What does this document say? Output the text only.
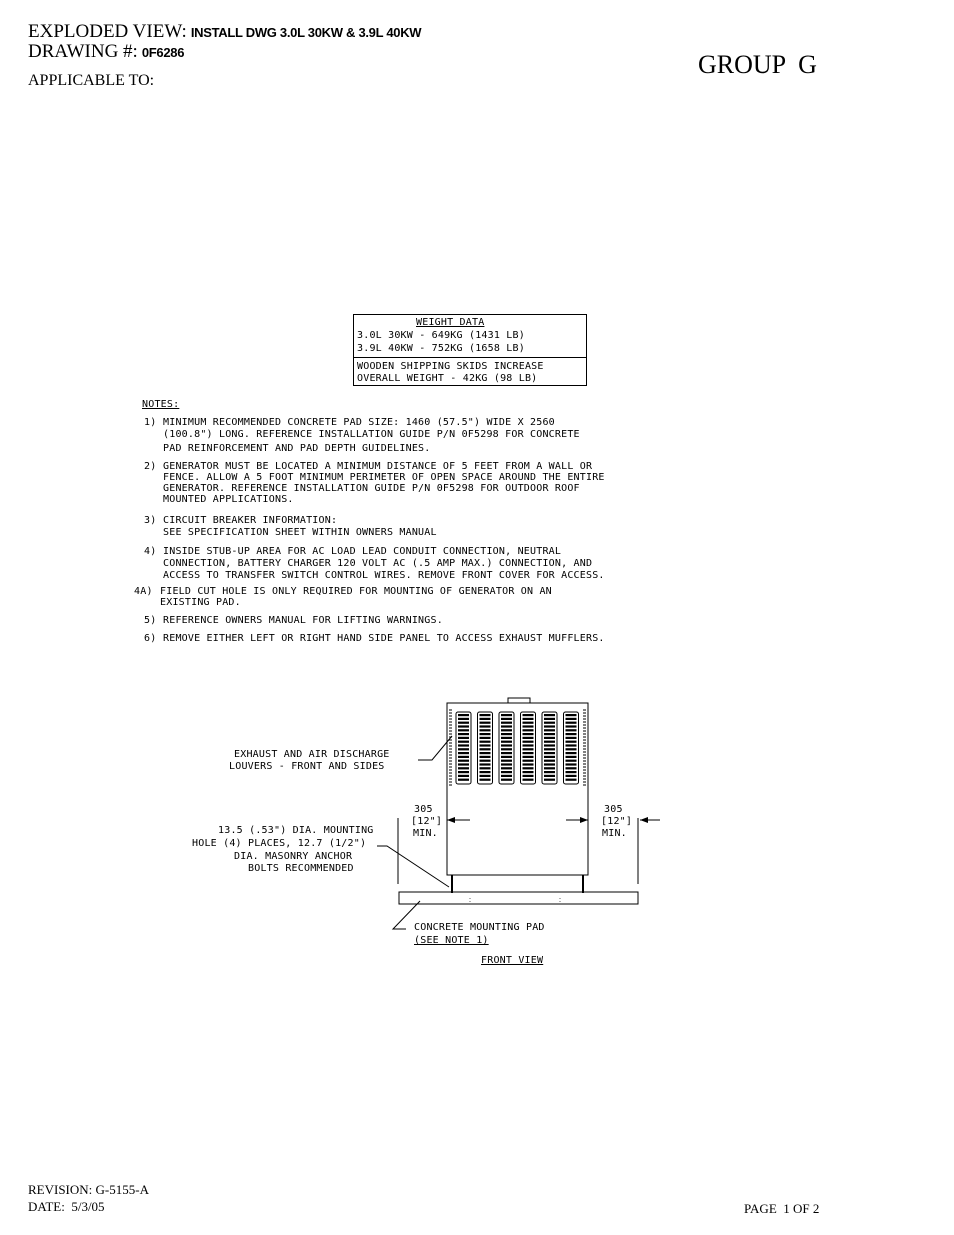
EXPLODED VIEW: INSTALL DWG 3.0L 30KW & 3.9L 40KW
DRAWING #: 0F6286
APPLICABLE TO:
GROUP  G
WEIGHT DATA
3.0L 30KW - 649KG (1431 LB)
3.9L 40KW - 752KG (1658 LB)
WOODEN SHIPPING SKIDS INCREASE
OVERALL WEIGHT - 42KG (98 LB)
NOTES:
1) MINIMUM RECOMMENDED CONCRETE PAD SIZE: 1460 (57.5") WIDE X 2560
(100.8") LONG. REFERENCE INSTALLATION GUIDE P/N 0F5298 FOR CONCRETE
PAD REINFORCEMENT AND PAD DEPTH GUIDELINES.
2) GENERATOR MUST BE LOCATED A MINIMUM DISTANCE OF 5 FEET FROM A WALL OR
FENCE. ALLOW A 5 FOOT MINIMUM PERIMETER OF OPEN SPACE AROUND THE ENTIRE
GENERATOR. REFERENCE INSTALLATION GUIDE P/N 0F5298 FOR OUTDOOR ROOF
MOUNTED APPLICATIONS.
3) CIRCUIT BREAKER INFORMATION:
SEE SPECIFICATION SHEET WITHIN OWNERS MANUAL
4) INSIDE STUB-UP AREA FOR AC LOAD LEAD CONDUIT CONNECTION, NEUTRAL
CONNECTION, BATTERY CHARGER 120 VOLT AC (.5 AMP MAX.) CONNECTION, AND
ACCESS TO TRANSFER SWITCH CONTROL WIRES. REMOVE FRONT COVER FOR ACCESS.
4A) FIELD CUT HOLE IS ONLY REQUIRED FOR MOUNTING OF GENERATOR ON AN
EXISTING PAD.
5) REFERENCE OWNERS MANUAL FOR LIFTING WARNINGS.
6) REMOVE EITHER LEFT OR RIGHT HAND SIDE PANEL TO ACCESS EXHAUST MUFFLERS.
EXHAUST AND AIR DISCHARGE
LOUVERS - FRONT AND SIDES
13.5 (.53") DIA. MOUNTING
HOLE (4) PLACES, 12.7 (1/2")
DIA. MASONRY ANCHOR
BOLTS RECOMMENDED
305
[12"]
MIN.
305
[12"]
MIN.
CONCRETE MOUNTING PAD
(SEE NOTE 1)
FRONT VIEW
REVISION: G-5155-A
DATE:  5/3/05	PAGE  1 OF 2
